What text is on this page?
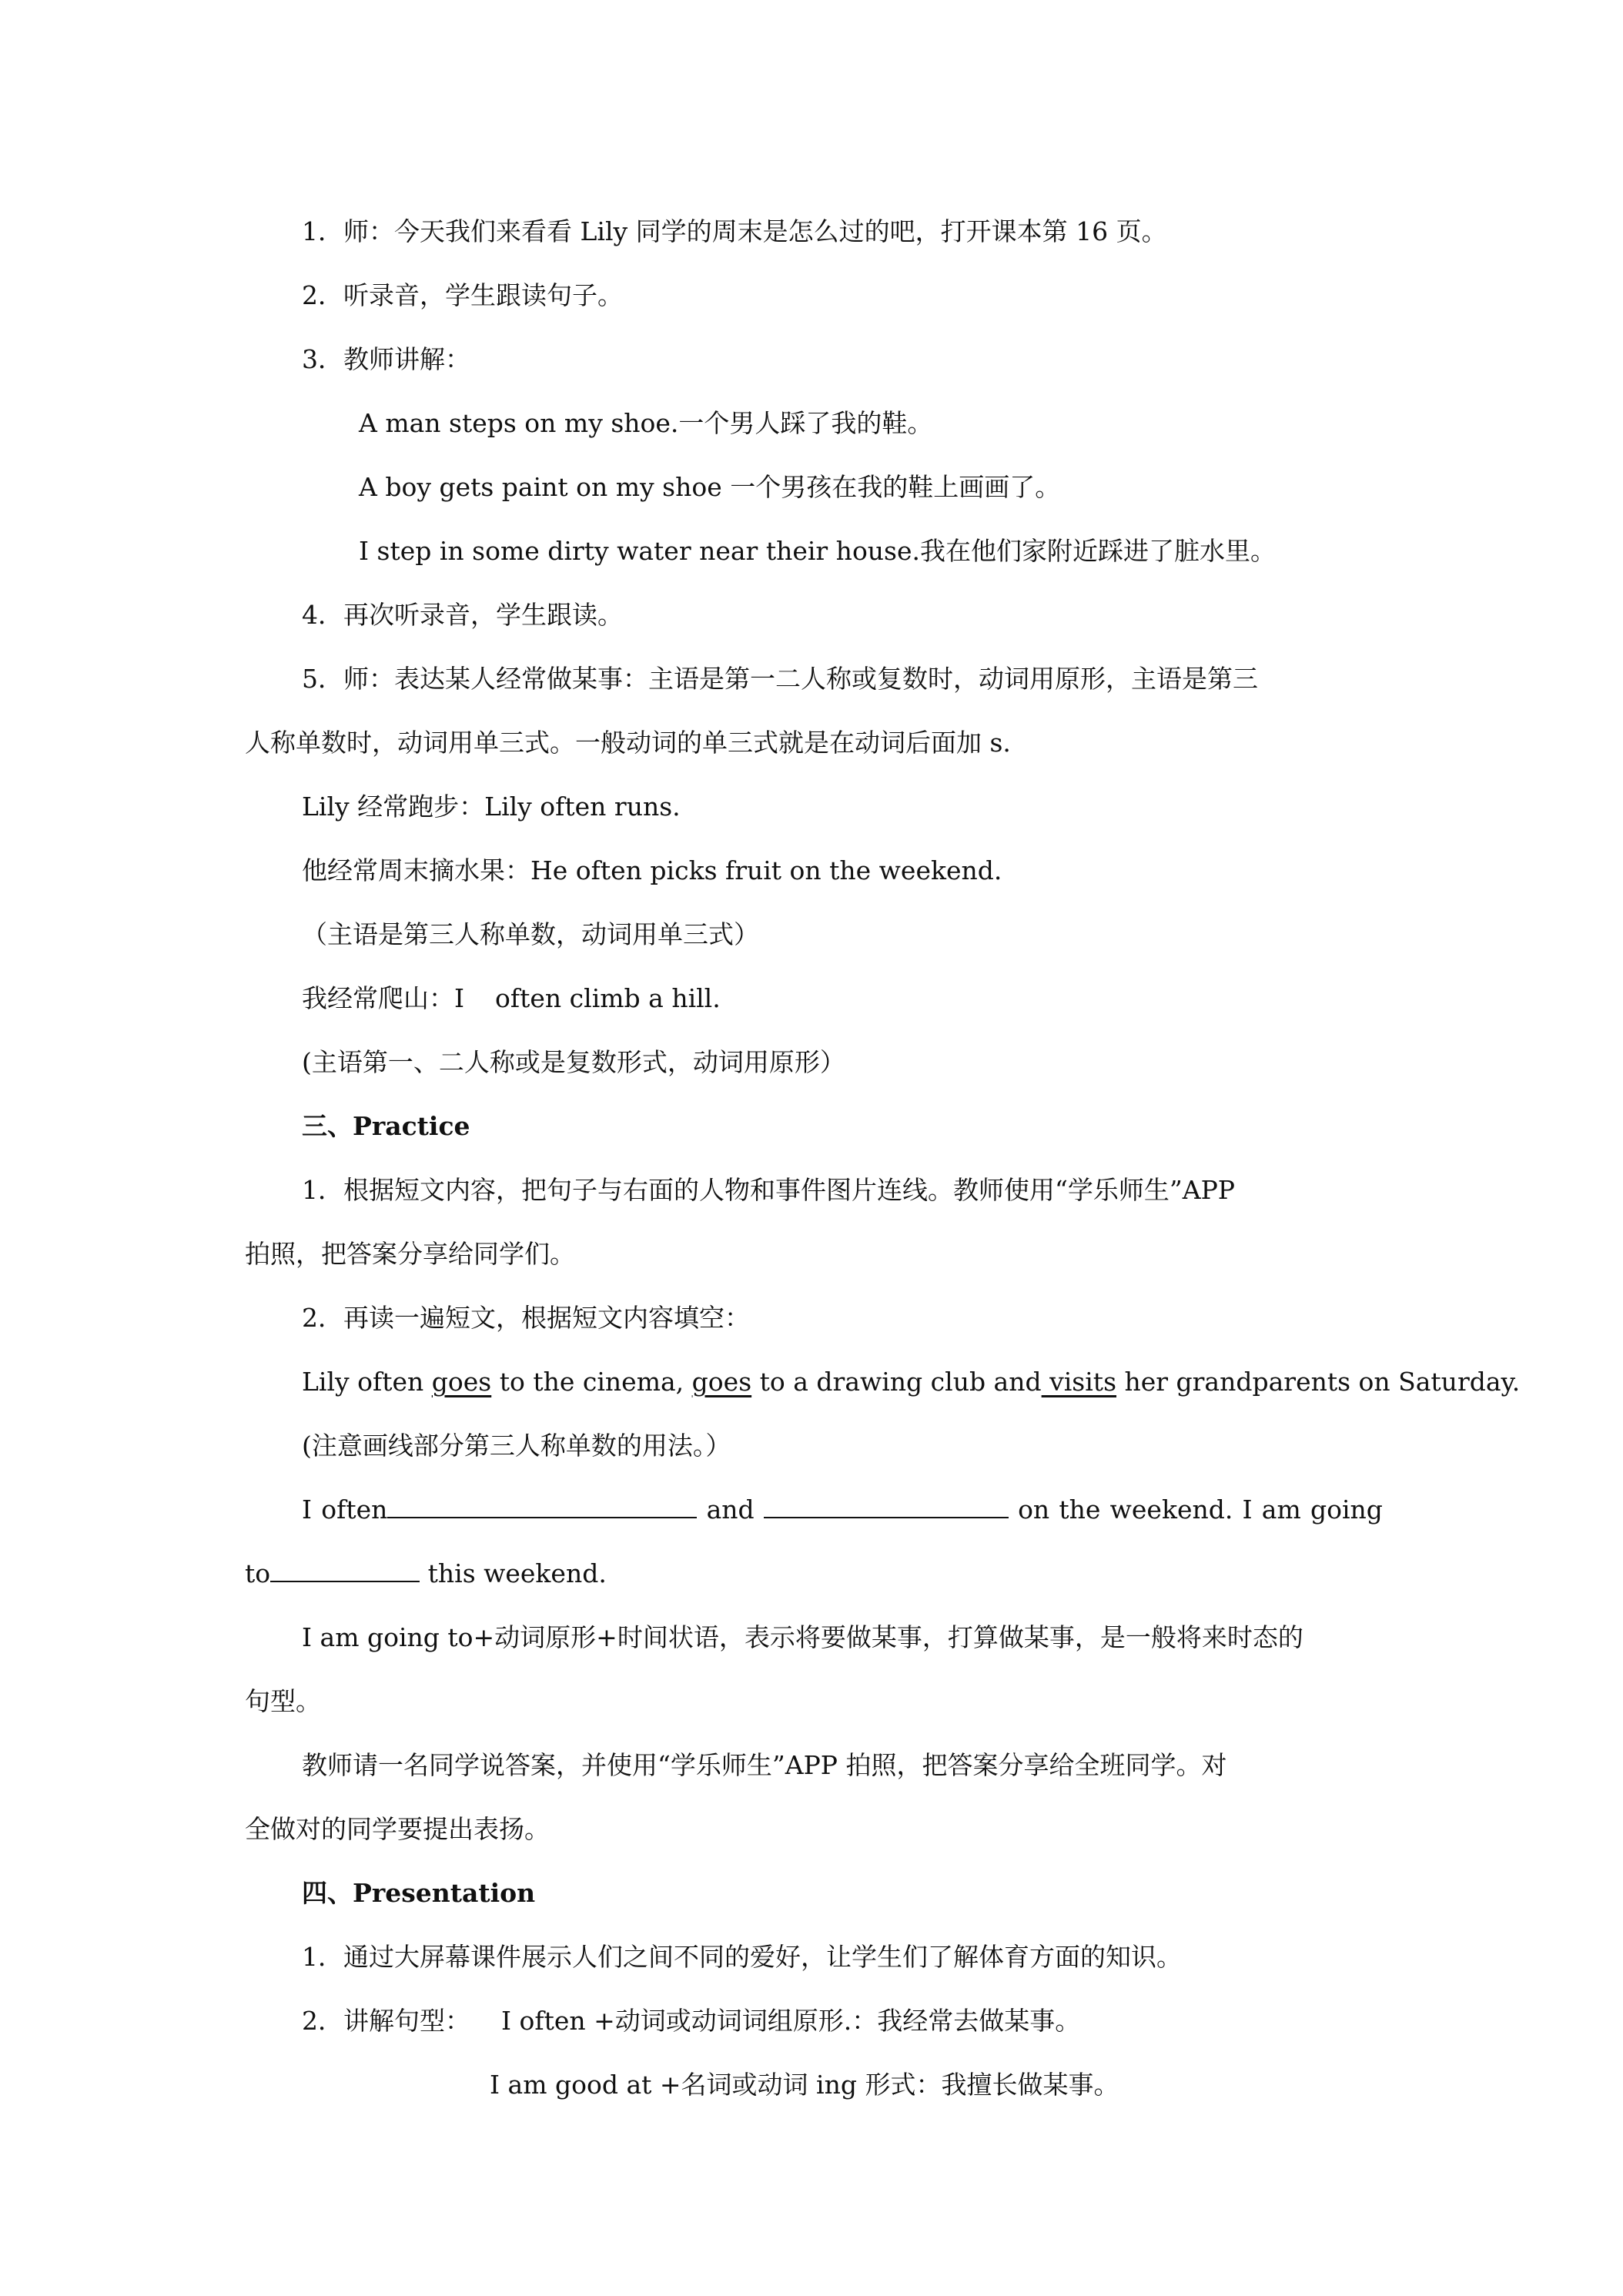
1．师：今天我们来看看 Lily 同学的周末是怎么过的吧，打开课本第 16 页。
2．听录音，学生跟读句子。
3．教师讲解：
A man steps on my shoe.一个男人踩了我的鞋。
A boy gets paint on my shoe 一个男孩在我的鞋上画画了。
I step in some dirty water near their house.我在他们家附近踩进了脏水里。
4．再次听录音，学生跟读。
5．师：表达某人经常做某事：主语是第一二人称或复数时，动词用原形，主语是第三
人称单数时，动词用单三式。一般动词的单三式就是在动词后面加 s.
Lily 经常跑步：Lily often runs.
他经常周末摘水果：He often picks fruit on the weekend.
（主语是第三人称单数，动词用单三式）
我经常爬山：I often climb a hill.
(主语第一、二人称或是复数形式，动词用原形）
三、Practice
1．根据短文内容，把句子与右面的人物和事件图片连线。教师使用“学乐师生”APP
拍照，把答案分享给同学们。
2．再读一遍短文，根据短文内容填空：
Lily often goes to the cinema, goes to a drawing club and visits her grandparents on Saturday.
(注意画线部分第三人称单数的用法。）
I often	and	on the weekend. I am going
to	this weekend.
I am going to+动词原形+时间状语，表示将要做某事，打算做某事，是一般将来时态的
句型。
教师请一名同学说答案，并使用“学乐师生”APP 拍照，把答案分享给全班同学。对
全做对的同学要提出表扬。
四、Presentation
1．通过大屏幕课件展示人们之间不同的爱好，让学生们了解体育方面的知识。
2．讲解句型： I often +动词或动词词组原形.：我经常去做某事。
I am good at +名词或动词 ing 形式：我擅长做某事。
